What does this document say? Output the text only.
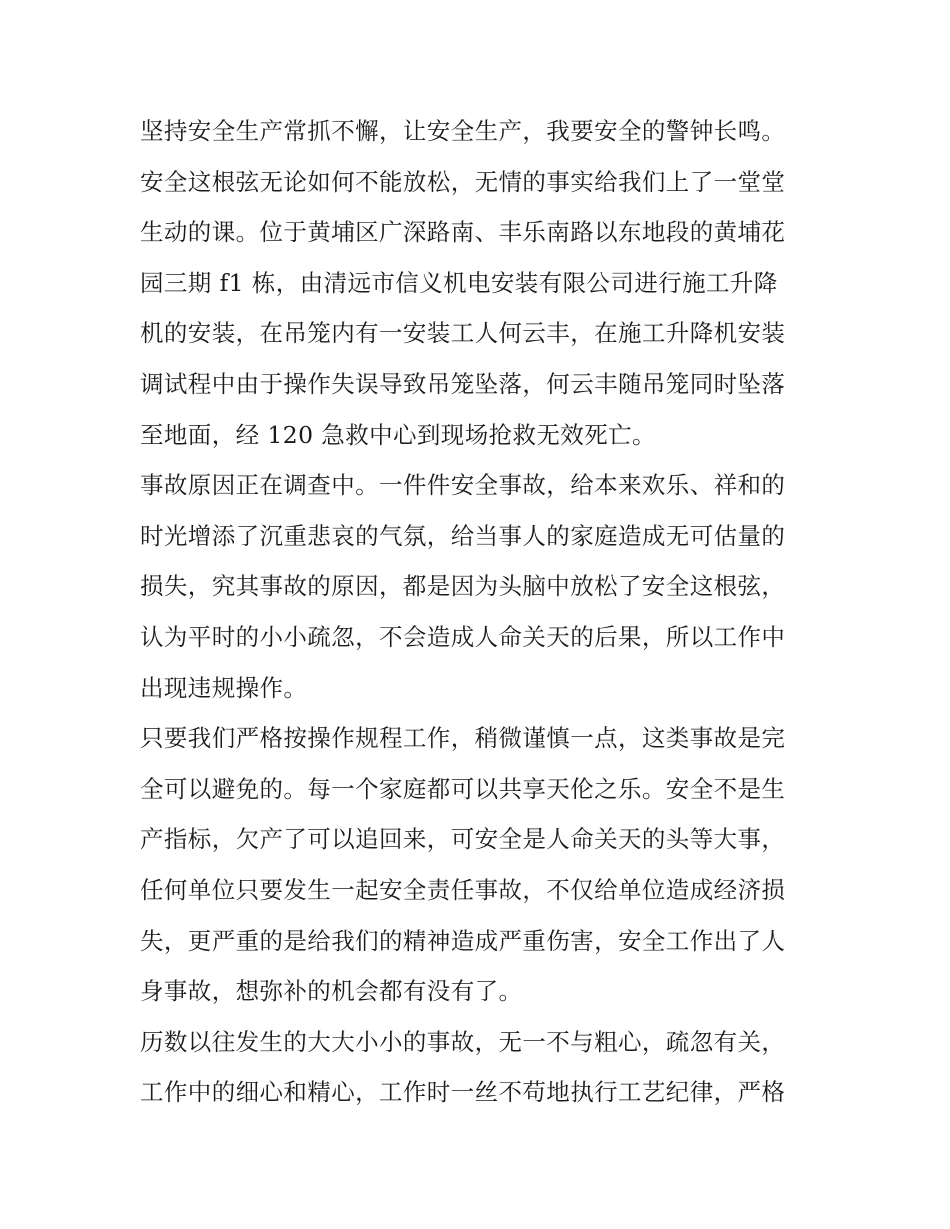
坚持安全生产常抓不懈，让安全生产，我要安全的警钟长鸣。
安全这根弦无论如何不能放松，无情的事实给我们上了一堂堂
生动的课。位于黄埔区广深路南、丰乐南路以东地段的黄埔花
园三期 f1 栋，由清远市信义机电安装有限公司进行施工升降
机的安装，在吊笼内有一安装工人何云丰，在施工升降机安装
调试程中由于操作失误导致吊笼坠落，何云丰随吊笼同时坠落
至地面，经 120 急救中心到现场抢救无效死亡。
事故原因正在调查中。一件件安全事故，给本来欢乐、祥和的
时光增添了沉重悲哀的气氛，给当事人的家庭造成无可估量的
损失，究其事故的原因，都是因为头脑中放松了安全这根弦，
认为平时的小小疏忽，不会造成人命关天的后果，所以工作中
出现违规操作。
只要我们严格按操作规程工作，稍微谨慎一点，这类事故是完
全可以避免的。每一个家庭都可以共享天伦之乐。安全不是生
产指标，欠产了可以追回来，可安全是人命关天的头等大事，
任何单位只要发生一起安全责任事故，不仅给单位造成经济损
失，更严重的是给我们的精神造成严重伤害，安全工作出了人
身事故，想弥补的机会都有没有了。
历数以往发生的大大小小的事故，无一不与粗心，疏忽有关，
工作中的细心和精心，工作时一丝不苟地执行工艺纪律，严格
